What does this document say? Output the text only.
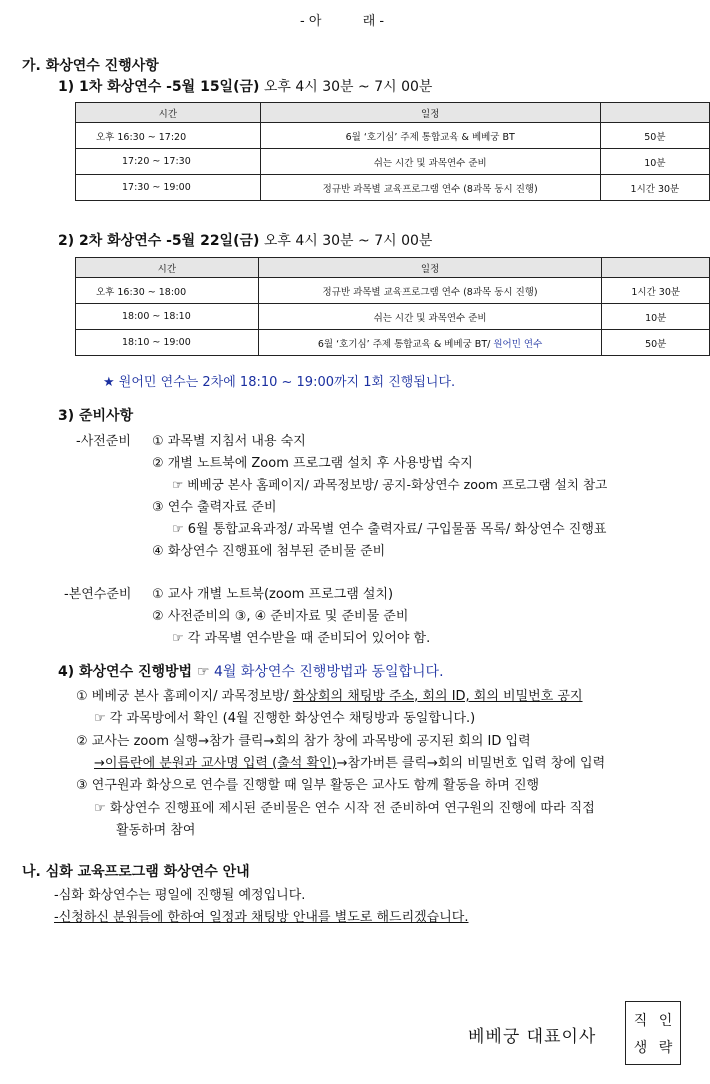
- 아          래 -
가. 화상연수 진행사항
1) 1차 화상연수 -5월 15일(금) 오후 4시 30분 ~ 7시 00분
시간	일정	
오후 16:30 ~ 17:20	6월 ‘호기심’ 주제 통합교육 & 베베궁 BT	50분
17:20 ~ 17:30	쉬는 시간 및 과목연수 준비	10분
17:30 ~ 19:00	정규반 과목별 교육프로그램 연수 (8과목 동시 진행)	1시간 30분
2) 2차 화상연수 -5월 22일(금) 오후 4시 30분 ~ 7시 00분
시간	일정	
오후 16:30 ~ 18:00	정규반 과목별 교육프로그램 연수 (8과목 동시 진행)	1시간 30분
18:00 ~ 18:10	쉬는 시간 및 과목연수 준비	10분
18:10 ~ 19:00	6월 ‘호기심’ 주제 통합교육 & 베베궁 BT/ 원어민 연수	50분
★ 원어민 연수는 2차에 18:10 ~ 19:00까지 1회 진행됩니다.
3) 준비사항
-사전준비 ① 과목별 지침서 내용 숙지
② 개별 노트북에 Zoom 프로그램 설치 후 사용방법 숙지
☞ 베베궁 본사 홈페이지/ 과목정보방/ 공지-화상연수 zoom 프로그램 설치 참고
③ 연수 출력자료 준비
☞ 6월 통합교육과정/ 과목별 연수 출력자료/ 구입물품 목록/ 화상연수 진행표
④ 화상연수 진행표에 첨부된 준비물 준비
-본연수준비 ① 교사 개별 노트북(zoom 프로그램 설치)
② 사전준비의 ③, ④ 준비자료 및 준비물 준비
☞ 각 과목별 연수받을 때 준비되어 있어야 함.
4) 화상연수 진행방법 ☞ 4월 화상연수 진행방법과 동일합니다.
① 베베궁 본사 홈페이지/ 과목정보방/ 화상회의 채팅방 주소, 회의 ID, 회의 비밀번호 공지
☞ 각 과목방에서 확인 (4월 진행한 화상연수 채팅방과 동일합니다.)
② 교사는 zoom 실행→참가 클릭→회의 참가 창에 과목방에 공지된 회의 ID 입력
→이름란에 분원과 교사명 입력 (출석 확인)→참가버튼 클릭→회의 비밀번호 입력 창에 입력
③ 연구원과 화상으로 연수를 진행할 때 일부 활동은 교사도 함께 활동을 하며 진행
☞ 화상연수 진행표에 제시된 준비물은 연수 시작 전 준비하여 연구원의 진행에 따라 직접
활동하며 참여
나. 심화 교육프로그램 화상연수 안내
-심화 화상연수는 평일에 진행될 예정입니다.
-신청하신 분원들에 한하여 일정과 채팅방 안내를 별도로 해드리겠습니다.
베베궁 대표이사
직 인
생 략
